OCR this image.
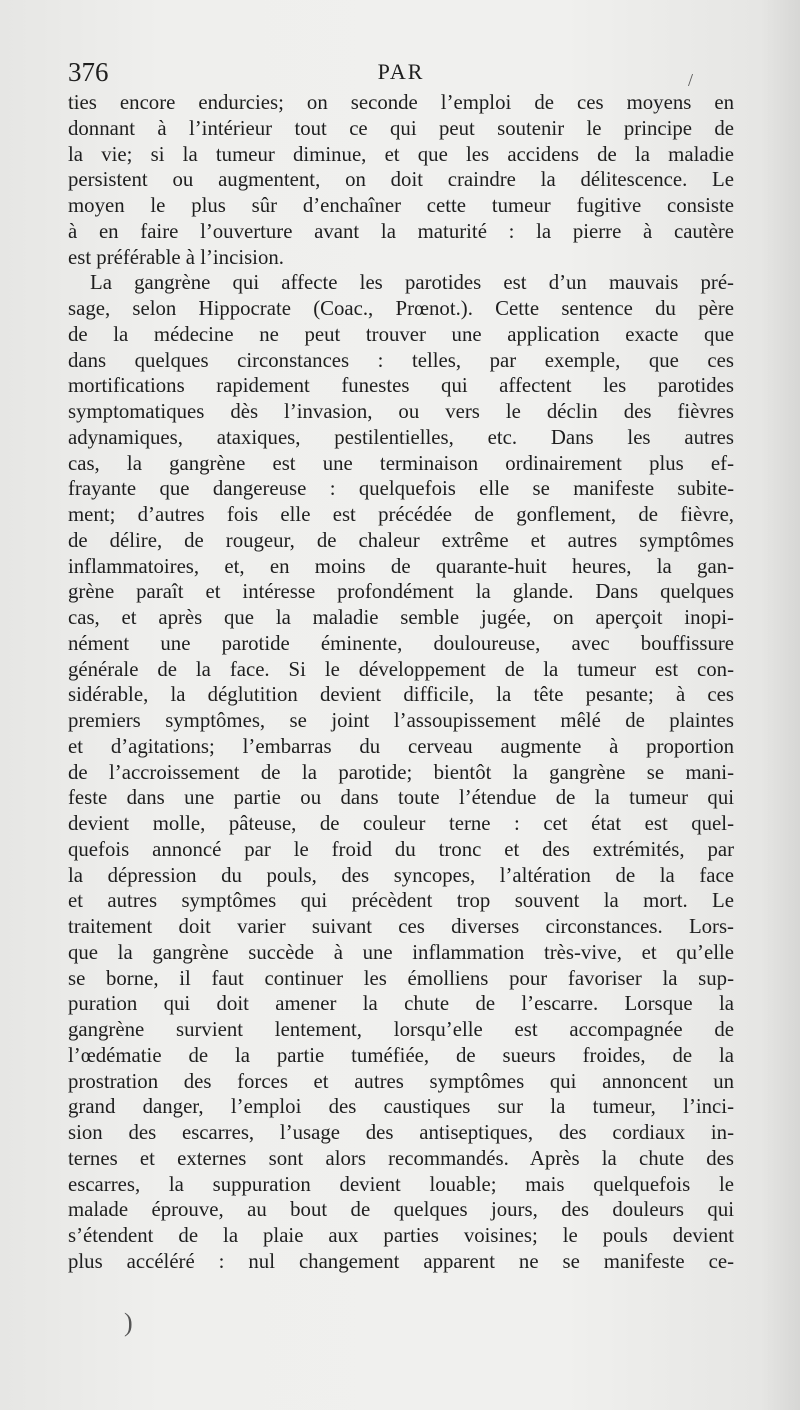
376	PAR
ties encore endurcies; on seconde l’emploi de ces moyens en
donnant à l’intérieur tout ce qui peut soutenir le principe de
la vie; si la tumeur diminue, et que les accidens de la maladie
persistent ou augmentent, on doit craindre la délitescence. Le
moyen le plus sûr d’enchaîner cette tumeur fugitive consiste
à en faire l’ouverture avant la maturité : la pierre à cautère
est préférable à l’incision.
La gangrène qui affecte les parotides est d’un mauvais pré-
sage, selon Hippocrate (Coac., Prœnot.). Cette sentence du père
de la médecine ne peut trouver une application exacte que
dans quelques circonstances : telles, par exemple, que ces
mortifications rapidement funestes qui affectent les parotides
symptomatiques dès l’invasion, ou vers le déclin des fièvres
adynamiques, ataxiques, pestilentielles, etc. Dans les autres
cas, la gangrène est une terminaison ordinairement plus ef-
frayante que dangereuse : quelquefois elle se manifeste subite-
ment; d’autres fois elle est précédée de gonflement, de fièvre,
de délire, de rougeur, de chaleur extrême et autres symptômes
inflammatoires, et, en moins de quarante-huit heures, la gan-
grène paraît et intéresse profondément la glande. Dans quelques
cas, et après que la maladie semble jugée, on aperçoit inopi-
nément une parotide éminente, douloureuse, avec bouffissure
générale de la face. Si le développement de la tumeur est con-
sidérable, la déglutition devient difficile, la tête pesante; à ces
premiers symptômes, se joint l’assoupissement mêlé de plaintes
et d’agitations; l’embarras du cerveau augmente à proportion
de l’accroissement de la parotide; bientôt la gangrène se mani-
feste dans une partie ou dans toute l’étendue de la tumeur qui
devient molle, pâteuse, de couleur terne : cet état est quel-
quefois annoncé par le froid du tronc et des extrémités, par
la dépression du pouls, des syncopes, l’altération de la face
et autres symptômes qui précèdent trop souvent la mort. Le
traitement doit varier suivant ces diverses circonstances. Lors-
que la gangrène succède à une inflammation très-vive, et qu’elle
se borne, il faut continuer les émolliens pour favoriser la sup-
puration qui doit amener la chute de l’escarre. Lorsque la
gangrène survient lentement, lorsqu’elle est accompagnée de
l’œdématie de la partie tuméfiée, de sueurs froides, de la
prostration des forces et autres symptômes qui annoncent un
grand danger, l’emploi des caustiques sur la tumeur, l’inci-
sion des escarres, l’usage des antiseptiques, des cordiaux in-
ternes et externes sont alors recommandés. Après la chute des
escarres, la suppuration devient louable; mais quelquefois le
malade éprouve, au bout de quelques jours, des douleurs qui
s’étendent de la plaie aux parties voisines; le pouls devient
plus accéléré : nul changement apparent ne se manifeste ce-
/
)
